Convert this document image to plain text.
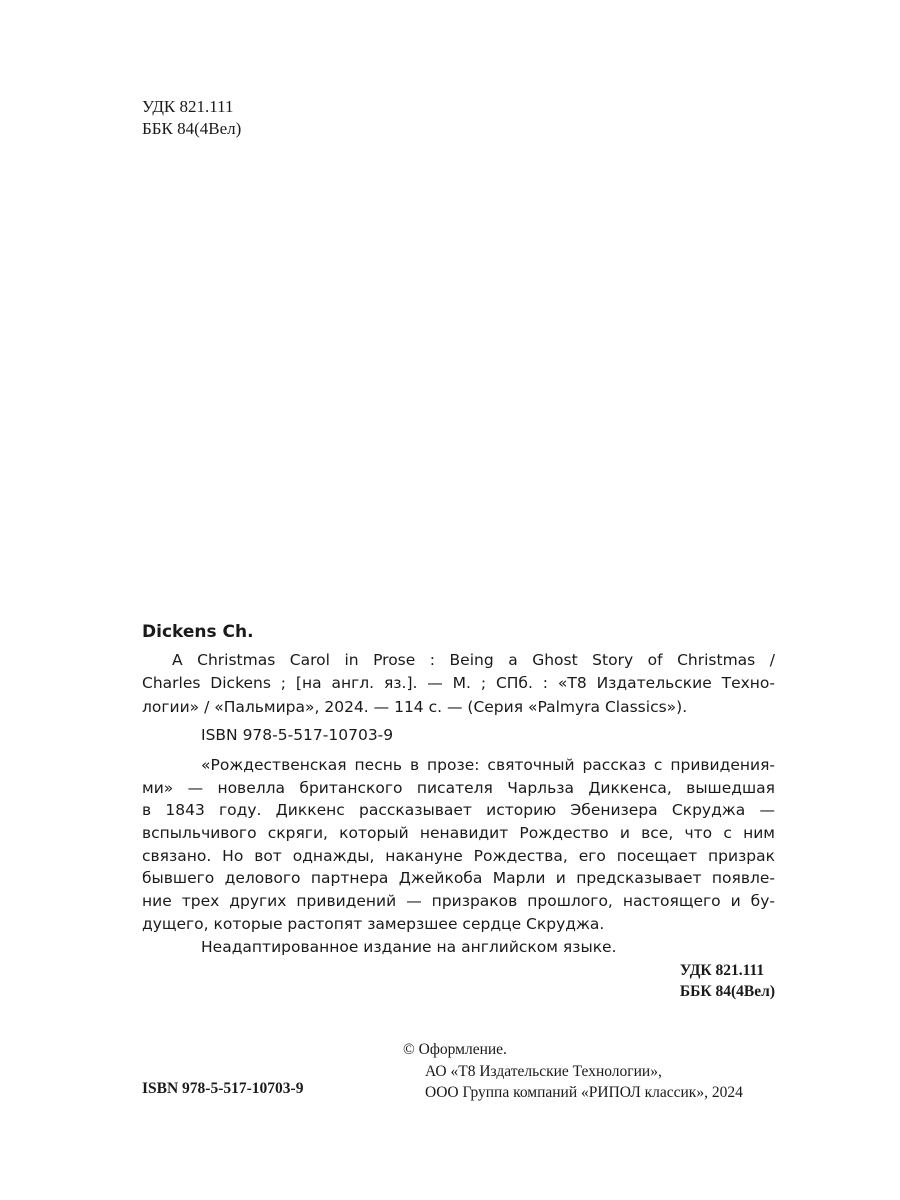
УДК 821.111
ББК 84(4Вел)
Dickens Ch.
A Christmas Carol in Prose : Being a Ghost Story of Christmas /
Charles Dickens ; [на англ. яз.]. — М. ; СПб. : «Т8 Издательские Техно-
логии» / «Пальмира», 2024. — 114 с. — (Серия «Palmyra Classics»).
ISBN 978-5-517-10703-9
«Рождественская песнь в прозе: святочный рассказ с привидения-
ми» — новелла британского писателя Чарльза Диккенса, вышедшая
в 1843 году. Диккенс рассказывает историю Эбенизера Скруджа —
вспыльчивого скряги, который ненавидит Рождество и все, что с ним
связано. Но вот однажды, накануне Рождества, его посещает призрак
бывшего делового партнера Джейкоба Марли и предсказывает появле-
ние трех других привидений — призраков прошлого, настоящего и бу-
дущего, которые растопят замерзшее сердце Скруджа.
Неадаптированное издание на английском языке.
УДК 821.111
ББК 84(4Вел)
© Оформление.
АО «Т8 Издательские Технологии»,
ООО Группа компаний «РИПОЛ классик», 2024
ISBN 978-5-517-10703-9
